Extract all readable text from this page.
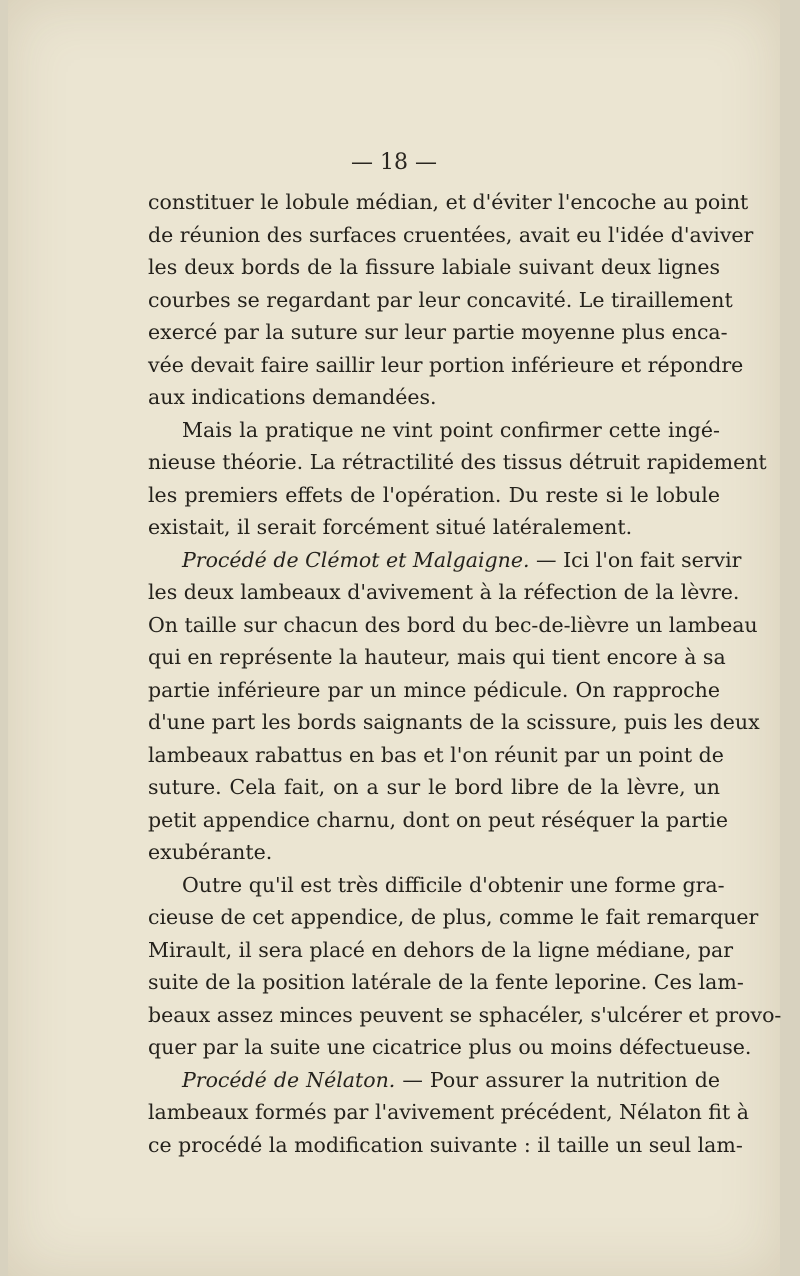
— 18 —
constituer le lobule médian, et d'éviter l'encoche au point
de réunion des surfaces cruentées, avait eu l'idée d'aviver
les deux bords de la fissure labiale suivant deux lignes
courbes se regardant par leur concavité. Le tiraillement
exercé par la suture sur leur partie moyenne plus enca-
vée devait faire saillir leur portion inférieure et répondre
aux indications demandées.
Mais la pratique ne vint point confirmer cette ingé-
nieuse théorie. La rétractilité des tissus détruit rapidement
les premiers effets de l'opération. Du reste si le lobule
existait, il serait forcément situé latéralement.
Procédé de Clémot et Malgaigne. — Ici l'on fait servir
les deux lambeaux d'avivement à la réfection de la lèvre.
On taille sur chacun des bord du bec-de-lièvre un lambeau
qui en représente la hauteur, mais qui tient encore à sa
partie inférieure par un mince pédicule. On rapproche
d'une part les bords saignants de la scissure, puis les deux
lambeaux rabattus en bas et l'on réunit par un point de
suture. Cela fait, on a sur le bord libre de la lèvre, un
petit appendice charnu, dont on peut réséquer la partie
exubérante.
Outre qu'il est très difficile d'obtenir une forme gra-
cieuse de cet appendice, de plus, comme le fait remarquer
Mirault, il sera placé en dehors de la ligne médiane, par
suite de la position latérale de la fente leporine. Ces lam-
beaux assez minces peuvent se sphacéler, s'ulcérer et provo-
quer par la suite une cicatrice plus ou moins défectueuse.
Procédé de Nélaton. — Pour assurer la nutrition de
lambeaux formés par l'avivement précédent, Nélaton fit à
ce procédé la modification suivante : il taille un seul lam-
